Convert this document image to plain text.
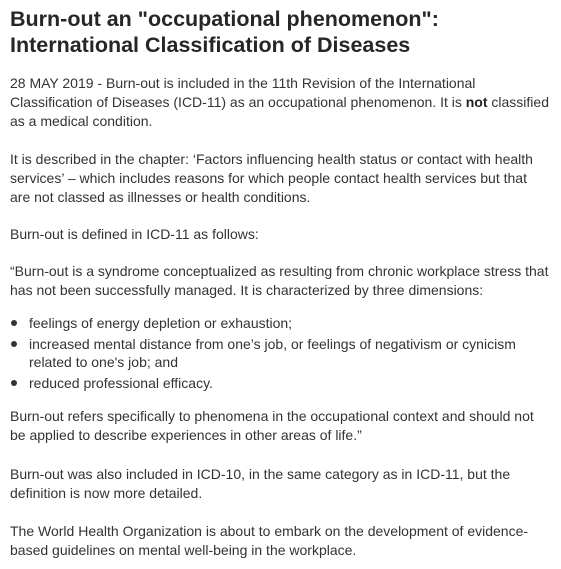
Burn-out an "occupational phenomenon":
International Classification of Diseases

28 MAY 2019 - Burn-out is included in the 11th Revision of the International Classification of Diseases (ICD-11) as an occupational phenomenon. It is not classified as a medical condition.

It is described in the chapter: ‘Factors influencing health status or contact with health services’ – which includes reasons for which people contact health services but that are not classed as illnesses or health conditions.

Burn-out is defined in ICD-11 as follows:

“Burn-out is a syndrome conceptualized as resulting from chronic workplace stress that has not been successfully managed. It is characterized by three dimensions:

feelings of energy depletion or exhaustion;
increased mental distance from one’s job, or feelings of negativism or cynicism related to one's job; and
reduced professional efficacy.

Burn-out refers specifically to phenomena in the occupational context and should not be applied to describe experiences in other areas of life.”

Burn-out was also included in ICD-10, in the same category as in ICD-11, but the definition is now more detailed.

The World Health Organization is about to embark on the development of evidence-based guidelines on mental well-being in the workplace.
